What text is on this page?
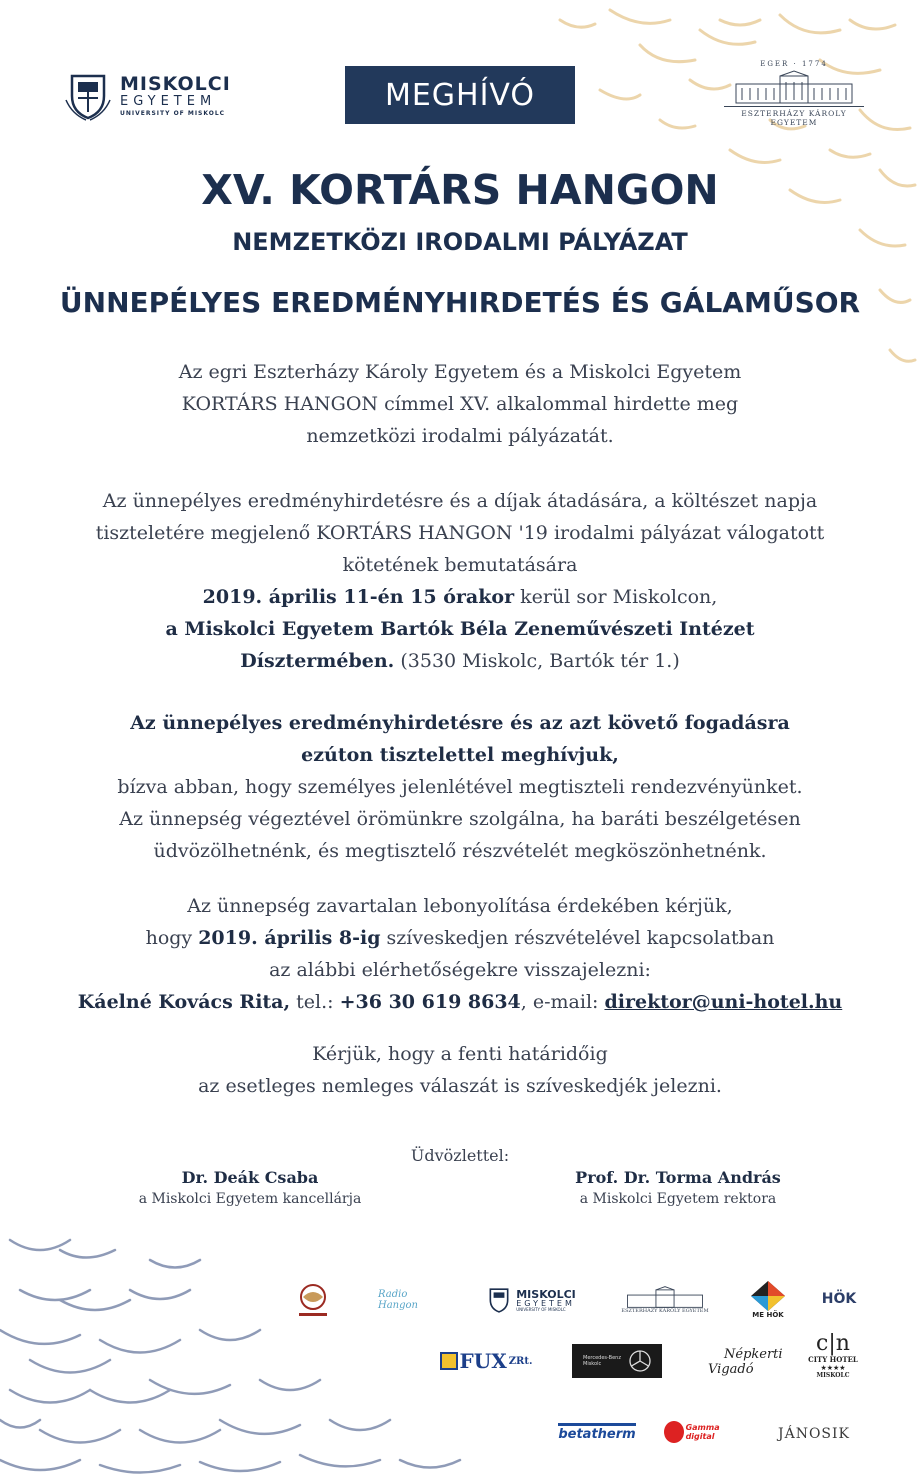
MISKOLCI
EGYETEM
UNIVERSITY OF MISKOLC
MEGHÍVÓ
EGER · 1774
ESZTERHÁZY KÁROLY EGYETEM
XV. KORTÁRS HANGON
NEMZETKÖZI IRODALMI PÁLYÁZAT
ÜNNEPÉLYES EREDMÉNYHIRDETÉS ÉS GÁLAMŰSOR
Az egri Eszterházy Károly Egyetem és a Miskolci Egyetem
KORTÁRS HANGON címmel XV. alkalommal hirdette meg
nemzetközi irodalmi pályázatát.
Az ünnepélyes eredményhirdetésre és a díjak átadására, a költészet napja
tiszteletére megjelenő KORTÁRS HANGON '19 irodalmi pályázat válogatott
kötetének bemutatására
2019. április 11-én 15 órakor kerül sor Miskolcon,
a Miskolci Egyetem Bartók Béla Zeneművészeti Intézet
Dísztermében. (3530 Miskolc, Bartók tér 1.)
Az ünnepélyes eredményhirdetésre és az azt követő fogadásra
ezúton tisztelettel meghívjuk,
bízva abban, hogy személyes jelenlétével megtiszteli rendezvényünket.
Az ünnepség végeztével örömünkre szolgálna, ha baráti beszélgetésen
üdvözölhetnénk, és megtisztelő részvételét megköszönhetnénk.
Az ünnepség zavartalan lebonyolítása érdekében kérjük,
hogy 2019. április 8-ig szíveskedjen részvételével kapcsolatban
az alábbi elérhetőségekre visszajelezni:
Káelné Kovács Rita, tel.: +36 30 619 8634, e-mail: direktor@uni-hotel.hu
Kérjük, hogy a fenti határidőig
az esetleges nemleges válaszát is szíveskedjék jelezni.
Üdvözlettel:
Dr. Deák Csaba
a Miskolci Egyetem kancellárja
Prof. Dr. Torma András
a Miskolci Egyetem rektora
Radio Hangon
MISKOLCI
EGYETEM
UNIVERSITY OF MISKOLC	ESZTERHÁZY KÁROLY EGYETEM	ME HÖK
HÖK
FUX ZRt.	Mercedes-Benz Miskolc
Népkerti
Vigadó
c|n
CITY HOTEL
★★★★
MISKOLC
betatherm	Gamma digital	JÁNOSIK
